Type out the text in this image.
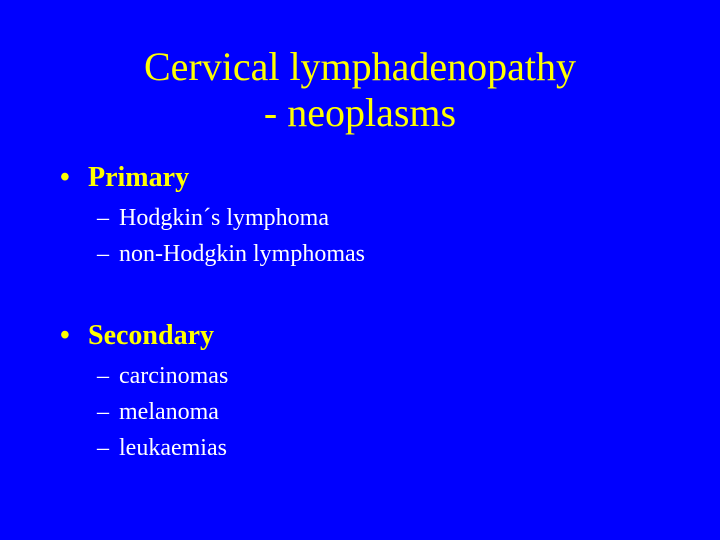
Cervical lymphadenopathy
- neoplasms
• Primary
– Hodgkin´s lymphoma
– non-Hodgkin lymphomas
• Secondary
– carcinomas
– melanoma
– leukaemias
